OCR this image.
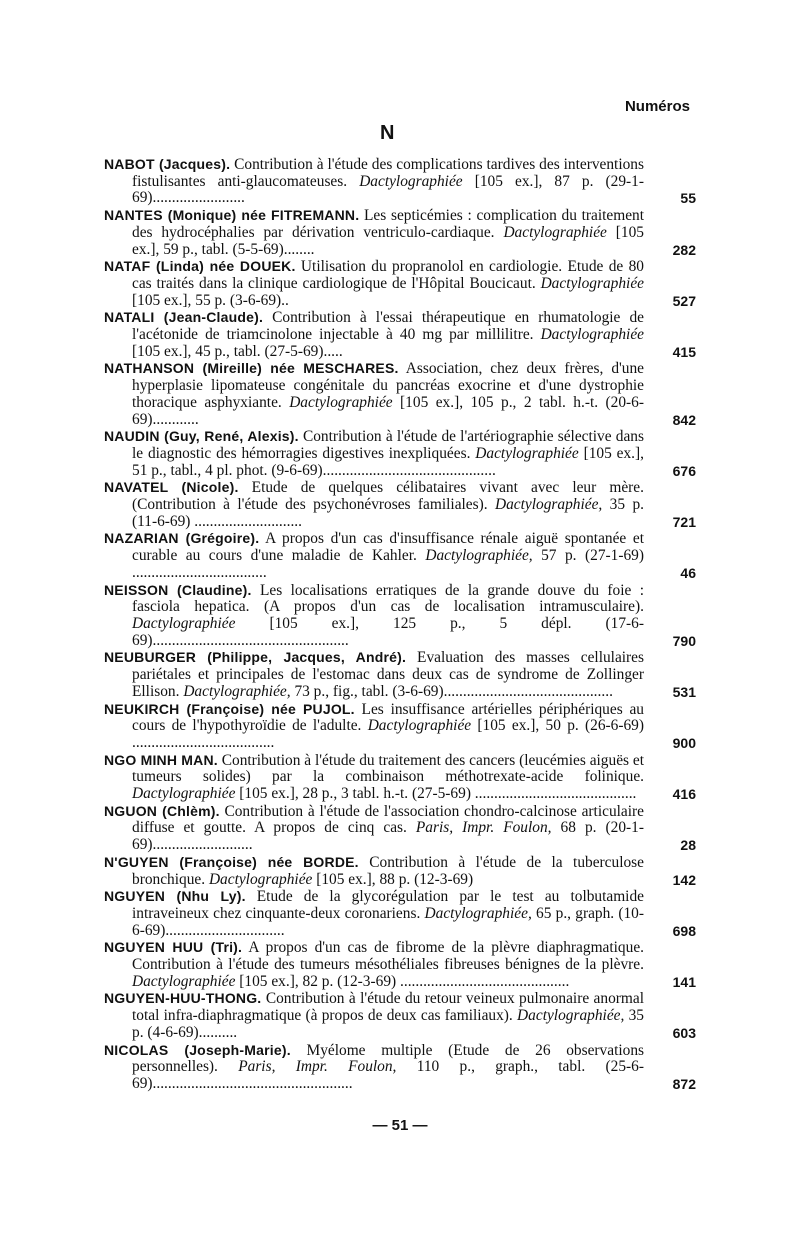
Numéros
N
NABOT (Jacques). Contribution à l'étude des complications tardives des interventions fistulisantes anti-glaucomateuses. Dactylographiée [105 ex.], 87 p. (29-1-69)........................	55
NANTES (Monique) née FITREMANN. Les septicémies : complication du traitement des hydrocéphalies par dérivation ventriculo-cardiaque. Dactylographiée [105 ex.], 59 p., tabl. (5-5-69)........	282
NATAF (Linda) née DOUEK. Utilisation du propranolol en cardiologie. Etude de 80 cas traités dans la clinique cardiologique de l'Hôpital Boucicaut. Dactylographiée [105 ex.], 55 p. (3-6-69)..	527
NATALI (Jean-Claude). Contribution à l'essai thérapeutique en rhumatologie de l'acétonide de triamcinolone injectable à 40 mg par millilitre. Dactylographiée [105 ex.], 45 p., tabl. (27-5-69).....	415
NATHANSON (Mireille) née MESCHARES. Association, chez deux frères, d'une hyperplasie lipomateuse congénitale du pancréas exocrine et d'une dystrophie thoracique asphyxiante. Dactylographiée [105 ex.], 105 p., 2 tabl. h.-t. (20-6-69)............	842
NAUDIN (Guy, René, Alexis). Contribution à l'étude de l'artériographie sélective dans le diagnostic des hémorragies digestives inexpliquées. Dactylographiée [105 ex.], 51 p., tabl., 4 pl. phot. (9-6-69).............................................	676
NAVATEL (Nicole). Etude de quelques célibataires vivant avec leur mère. (Contribution à l'étude des psychonévroses familiales). Dactylographiée, 35 p. (11-6-69) ............................	721
NAZARIAN (Grégoire). A propos d'un cas d'insuffisance rénale aiguë spontanée et curable au cours d'une maladie de Kahler. Dactylographiée, 57 p. (27-1-69) ...................................	46
NEISSON (Claudine). Les localisations erratiques de la grande douve du foie : fasciola hepatica. (A propos d'un cas de localisation intramusculaire). Dactylographiée [105 ex.], 125 p., 5 dépl. (17-6-69)...................................................	790
NEUBURGER (Philippe, Jacques, André). Evaluation des masses cellulaires pariétales et principales de l'estomac dans deux cas de syndrome de Zollinger Ellison. Dactylographiée, 73 p., fig., tabl. (3-6-69)............................................	531
NEUKIRCH (Françoise) née PUJOL. Les insuffisance artérielles périphériques au cours de l'hypothyroïdie de l'adulte. Dactylographiée [105 ex.], 50 p. (26-6-69) .....................................	900
NGO MINH MAN. Contribution à l'étude du traitement des cancers (leucémies aiguës et tumeurs solides) par la combinaison méthotrexate-acide folinique. Dactylographiée [105 ex.], 28 p., 3 tabl. h.-t. (27-5-69) ..........................................	416
NGUON (Chlèm). Contribution à l'étude de l'association chondro-calcinose articulaire diffuse et goutte. A propos de cinq cas. Paris, Impr. Foulon, 68 p. (20-1-69)..........................	28
N'GUYEN (Françoise) née BORDE. Contribution à l'étude de la tuberculose bronchique. Dactylographiée [105 ex.], 88 p. (12-3-69)	142
NGUYEN (Nhu Ly). Etude de la glycorégulation par le test au tolbutamide intraveineux chez cinquante-deux coronariens. Dactylographiée, 65 p., graph. (10-6-69)...............................	698
NGUYEN HUU (Tri). A propos d'un cas de fibrome de la plèvre diaphragmatique. Contribution à l'étude des tumeurs mésothéliales fibreuses bénignes de la plèvre. Dactylographiée [105 ex.], 82 p. (12-3-69) ............................................	141
NGUYEN-HUU-THONG. Contribution à l'étude du retour veineux pulmonaire anormal total infra-diaphragmatique (à propos de deux cas familiaux). Dactylographiée, 35 p. (4-6-69)..........	603
NICOLAS (Joseph-Marie). Myélome multiple (Etude de 26 observations personnelles). Paris, Impr. Foulon, 110 p., graph., tabl. (25-6-69)....................................................	872
— 51 —
